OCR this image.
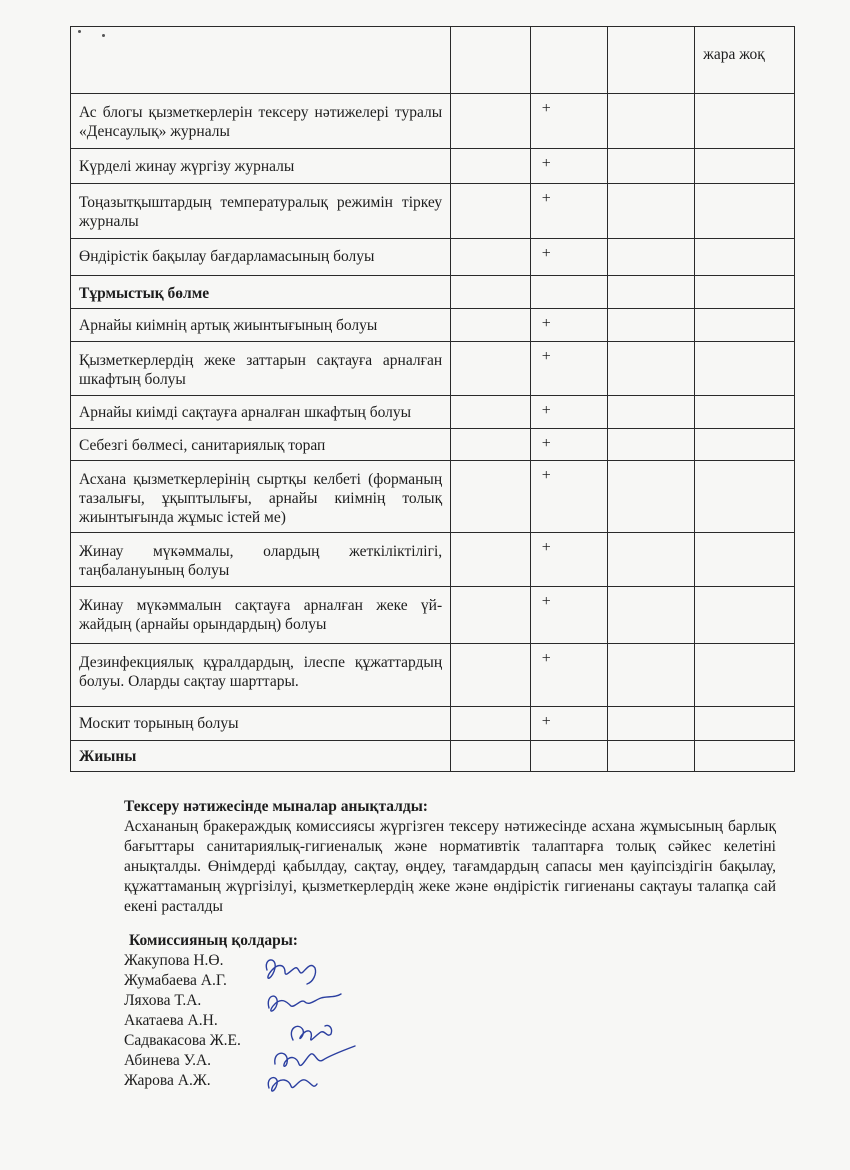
				жара жоқ

Ас блогы қызметкерлерін тексеру нәтижелері туралы «Денсаулық» журналы		+		

Күрделі жинау жүргізу журналы		+		

Тоңазытқыштардың температуралық режимін тіркеу журналы		+		

Өндірістік бақылау бағдарламасының болуы		+		

Тұрмыстық бөлме				

Арнайы киімнің артық жиынтығының болуы		+		

Қызметкерлердің жеке заттарын сақтауға арналған шкафтың болуы		+		

Арнайы киімді сақтауға арналған шкафтың болуы		+		

Себезгі бөлмесі, санитариялық торап		+		

Асхана қызметкерлерінің сыртқы келбеті (форманың тазалығы, ұқыптылығы, арнайы киімнің толық жиынтығында жұмыс істей ме)		+		

Жинау мүкәммалы, олардың жеткіліктілігі, таңбалануының болуы		+		

Жинау мүкәммалын сақтауға арналған жеке үй-жайдың (арнайы орындардың) болуы		+		

Дезинфекциялық құралдардың, ілеспе құжаттардың болуы. Оларды сақтау шарттары.		+		

Москит торының болуы		+		

Жиыны				

Тексеру нәтижесінде мыналар анықталды:

Асхананың бракераждық комиссиясы жүргізген тексеру нәтижесінде асхана жұмысының барлық бағыттары санитариялық-гигиеналық және нормативтік талаптарға толық сәйкес келетіні анықталды. Өнімдерді қабылдау, сақтау, өңдеу, тағамдардың сапасы мен қауіпсіздігін бақылау, құжаттаманың жүргізілуі, қызметкерлердің жеке және өндірістік гигиенаны сақтауы талапқа сай екені расталды

Комиссияның қолдары:
Жакупова Н.Ө.
Жумабаева А.Г.
Ляхова Т.А.
Акатаева А.Н.
Садвакасова Ж.Е.
Абинева У.А.
Жарова А.Ж.
